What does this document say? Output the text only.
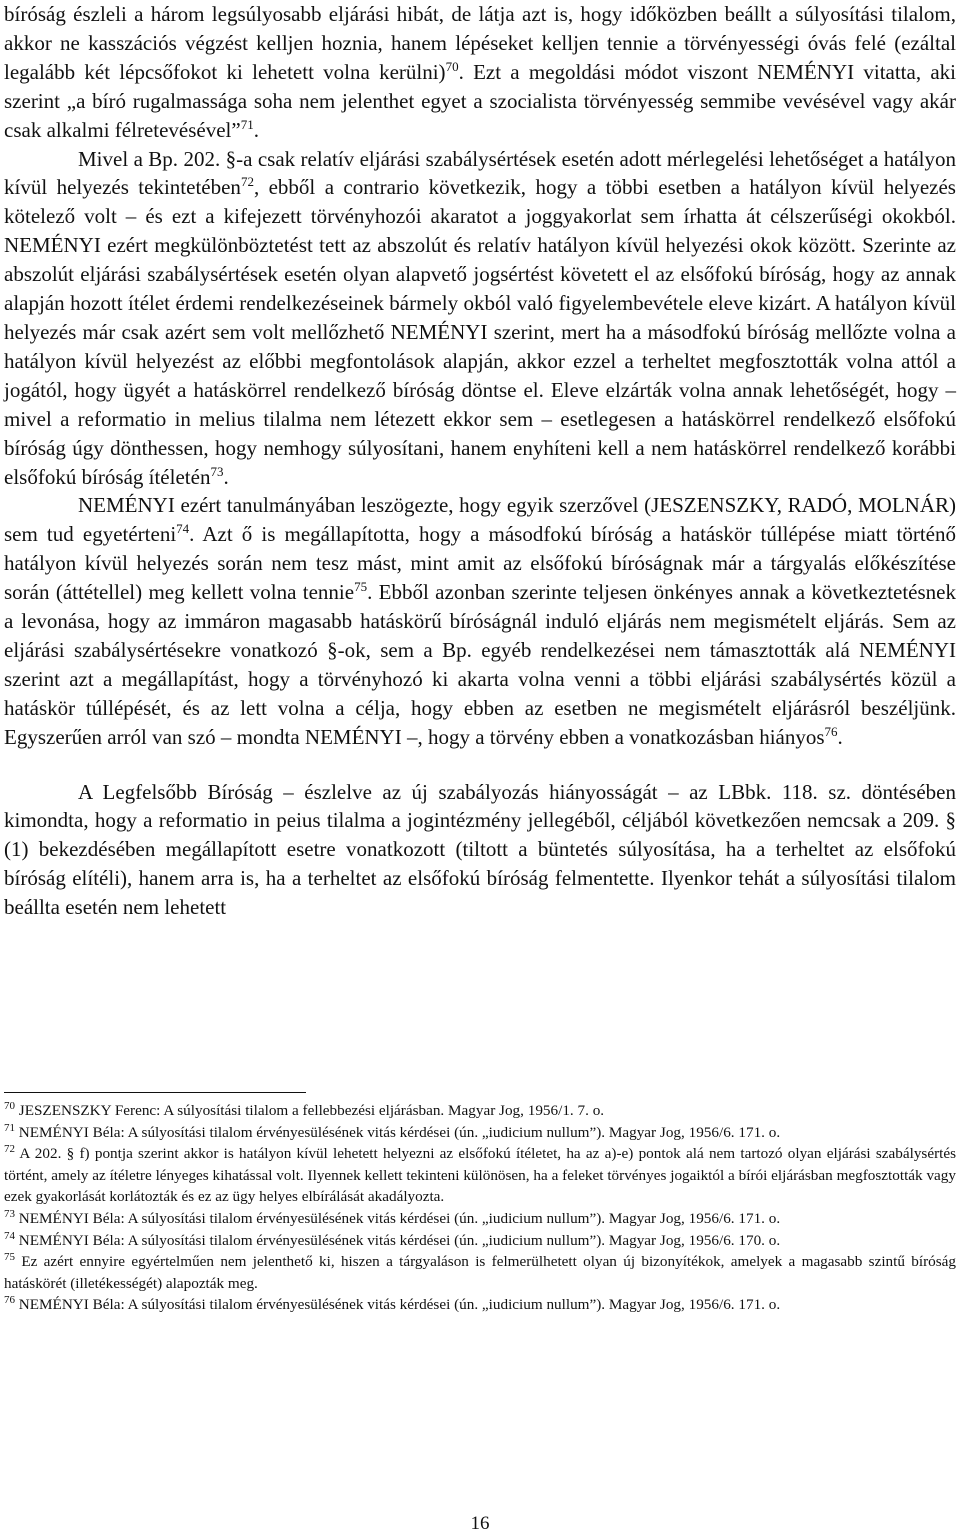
bíróság észleli a három legsúlyosabb eljárási hibát, de látja azt is, hogy időközben beállt a súlyosítási tilalom, akkor ne kasszációs végzést kelljen hoznia, hanem lépéseket kelljen tennie a törvényességi óvás felé (ezáltal legalább két lépcsőfokot ki lehetett volna kerülni)$^{70}$. Ezt a megoldási módot viszont NEMÉNYI vitatta, aki szerint „a bíró rugalmassága soha nem jelenthet egyet a szocialista törvényesség semmibe vevésével vagy akár csak alkalmi félretevésével”$^{71}$.

Mivel a Bp. 202. §-a csak relatív eljárási szabálysértések esetén adott mérlegelési lehetőséget a hatályon kívül helyezés tekintetében$^{72}$, ebből a contrario következik, hogy a többi esetben a hatályon kívül helyezés kötelező volt – és ezt a kifejezett törvényhozói akaratot a joggyakorlat sem írhatta át célszerűségi okokból. NEMÉNYI ezért megkülönböztetést tett az abszolút és relatív hatályon kívül helyezési okok között. Szerinte az abszolút eljárási szabálysértések esetén olyan alapvető jogsértést követett el az elsőfokú bíróság, hogy az annak alapján hozott ítélet érdemi rendelkezéseinek bármely okból való figyelembevétele eleve kizárt. A hatályon kívül helyezés már csak azért sem volt mellőzhető NEMÉNYI szerint, mert ha a másodfokú bíróság mellőzte volna a hatályon kívül helyezést az előbbi megfontolások alapján, akkor ezzel a terheltet megfosztották volna attól a jogától, hogy ügyét a hatáskörrel rendelkező bíróság döntse el. Eleve elzárták volna annak lehetőségét, hogy – mivel a reformatio in melius tilalma nem létezett ekkor sem – esetlegesen a hatáskörrel rendelkező elsőfokú bíróság úgy dönthessen, hogy nemhogy súlyosítani, hanem enyhíteni kell a nem hatáskörrel rendelkező korábbi elsőfokú bíróság ítéletén$^{73}$.

NEMÉNYI ezért tanulmányában leszögezte, hogy egyik szerzővel (JESZENSZKY, RADÓ, MOLNÁR) sem tud egyetérteni$^{74}$. Azt ő is megállapította, hogy a másodfokú bíróság a hatáskör túllépése miatt történő hatályon kívül helyezés során nem tesz mást, mint amit az elsőfokú bíróságnak már a tárgyalás előkészítése során (áttétellel) meg kellett volna tennie$^{75}$. Ebből azonban szerinte teljesen önkényes annak a következtetésnek a levonása, hogy az immáron magasabb hatáskörű bíróságnál induló eljárás nem megismételt eljárás. Sem az eljárási szabálysértésekre vonatkozó §-ok, sem a Bp. egyéb rendelkezései nem támasztották alá NEMÉNYI szerint azt a megállapítást, hogy a törvényhozó ki akarta volna venni a többi eljárási szabálysértés közül a hatáskör túllépését, és az lett volna a célja, hogy ebben az esetben ne megismételt eljárásról beszéljünk. Egyszerűen arról van szó – mondta NEMÉNYI –, hogy a törvény ebben a vonatkozásban hiányos$^{76}$.

A Legfelsőbb Bíróság – észlelve az új szabályozás hiányosságát – az LBbk. 118. sz. döntésében kimondta, hogy a reformatio in peius tilalma a jogintézmény jellegéből, céljából következően nemcsak a 209. § (1) bekezdésében megállapított esetre vonatkozott (tiltott a büntetés súlyosítása, ha a terheltet az elsőfokú bíróság elítéli), hanem arra is, ha a terheltet az elsőfokú bíróság felmentette. Ilyenkor tehát a súlyosítási tilalom beállta esetén nem lehetett

$^{70}$ JESZENSZKY Ferenc: A súlyosítási tilalom a fellebbezési eljárásban. Magyar Jog, 1956/1. 7. o.

$^{71}$ NEMÉNYI Béla: A súlyosítási tilalom érvényesülésének vitás kérdései (ún. „iudicium nullum”). Magyar Jog, 1956/6. 171. o.

$^{72}$ A 202. § f) pontja szerint akkor is hatályon kívül lehetett helyezni az elsőfokú ítéletet, ha az a)-e) pontok alá nem tartozó olyan eljárási szabálysértés történt, amely az ítéletre lényeges kihatással volt. Ilyennek kellett tekinteni különösen, ha a feleket törvényes jogaiktól a bírói eljárásban megfosztották vagy ezek gyakorlását korlátozták és ez az ügy helyes elbírálását akadályozta.

$^{73}$ NEMÉNYI Béla: A súlyosítási tilalom érvényesülésének vitás kérdései (ún. „iudicium nullum”). Magyar Jog, 1956/6. 171. o.

$^{74}$ NEMÉNYI Béla: A súlyosítási tilalom érvényesülésének vitás kérdései (ún. „iudicium nullum”). Magyar Jog, 1956/6. 170. o.

$^{75}$ Ez azért ennyire egyértelműen nem jelenthető ki, hiszen a tárgyaláson is felmerülhetett olyan új bizonyítékok, amelyek a magasabb szintű bíróság hatáskörét (illetékességét) alapozták meg.

$^{76}$ NEMÉNYI Béla: A súlyosítási tilalom érvényesülésének vitás kérdései (ún. „iudicium nullum”). Magyar Jog, 1956/6. 171. o.

16
